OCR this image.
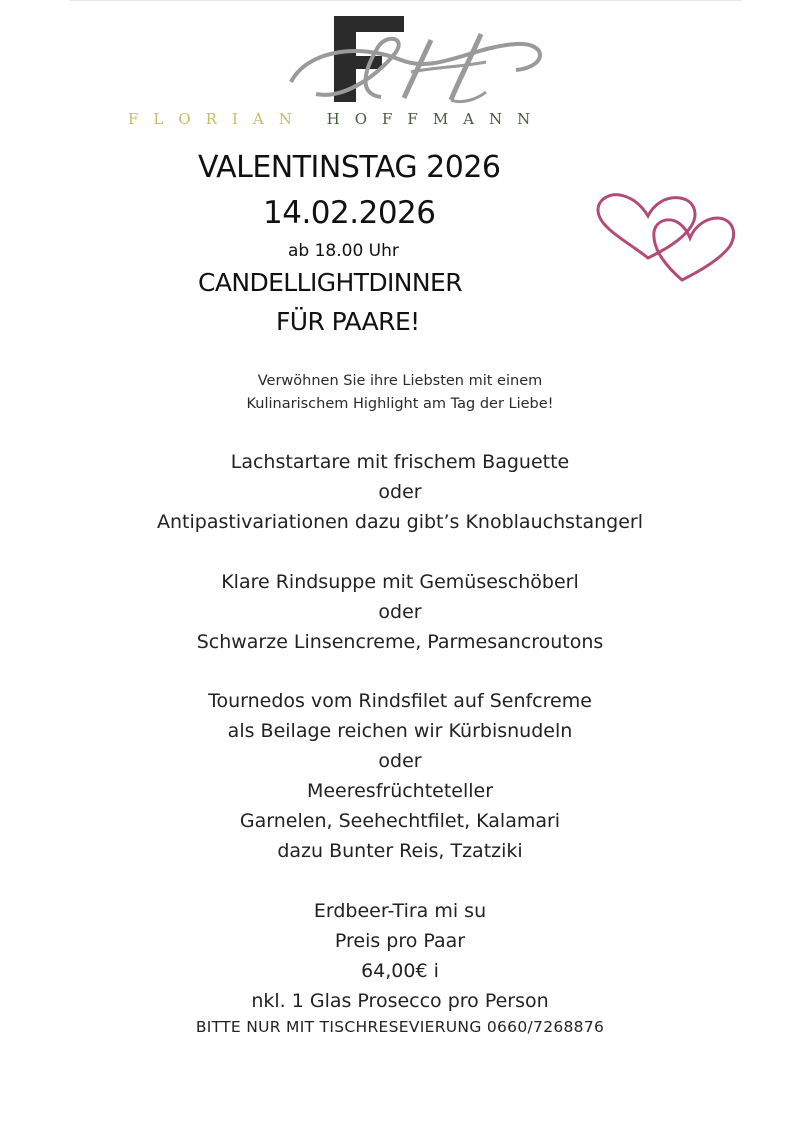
FLORIAN HOFFMANN
VALENTINSTAG 2026
14.02.2026
ab 18.00 Uhr
CANDELLIGHTDINNER
FÜR PAARE!
Verwöhnen Sie ihre Liebsten mit einem
Kulinarischem Highlight am Tag der Liebe!
Lachstartare mit frischem Baguette
oder
Antipastivariationen dazu gibt’s Knoblauchstangerl
Klare Rindsuppe mit Gemüseschöberl
oder
Schwarze Linsencreme, Parmesancroutons
Tournedos vom Rindsfilet auf Senfcreme
als Beilage reichen wir Kürbisnudeln
oder
Meeresfrüchteteller
Garnelen, Seehechtfilet, Kalamari
dazu Bunter Reis, Tzatziki
Erdbeer-Tira mi su
Preis pro Paar
64,00€ i
nkl. 1 Glas Prosecco pro Person
BITTE NUR MIT TISCHRESEVIERUNG 0660/7268876
